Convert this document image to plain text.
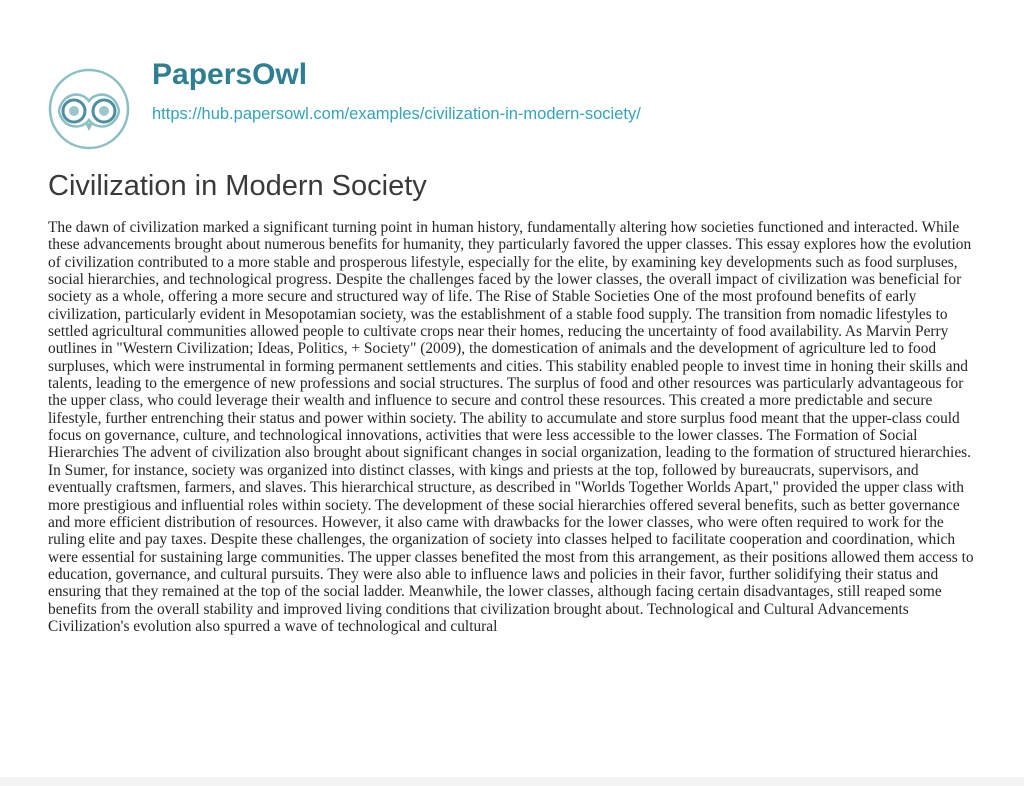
PapersOwl
https://hub.papersowl.com/examples/civilization-in-modern-society/
Civilization in Modern Society

The dawn of civilization marked a significant turning point in human history, fundamentally altering how societies functioned and interacted. While these advancements brought about numerous benefits for humanity, they particularly favored the upper classes. This essay explores how the evolution of civilization contributed to a more stable and prosperous lifestyle, especially for the elite, by examining key developments such as food surpluses, social hierarchies, and technological progress. Despite the challenges faced by the lower classes, the overall impact of civilization was beneficial for society as a whole, offering a more secure and structured way of life. The Rise of Stable Societies One of the most profound benefits of early civilization, particularly evident in Mesopotamian society, was the establishment of a stable food supply. The transition from nomadic lifestyles to settled agricultural communities allowed people to cultivate crops near their homes, reducing the uncertainty of food availability. As Marvin Perry outlines in "Western Civilization; Ideas, Politics, + Society" (2009), the domestication of animals and the development of agriculture led to food surpluses, which were instrumental in forming permanent settlements and cities. This stability enabled people to invest time in honing their skills and talents, leading to the emergence of new professions and social structures. The surplus of food and other resources was particularly advantageous for the upper class, who could leverage their wealth and influence to secure and control these resources. This created a more predictable and secure lifestyle, further entrenching their status and power within society. The ability to accumulate and store surplus food meant that the upper-class could focus on governance, culture, and technological innovations, activities that were less accessible to the lower classes. The Formation of Social Hierarchies The advent of civilization also brought about significant changes in social organization, leading to the formation of structured hierarchies. In Sumer, for instance, society was organized into distinct classes, with kings and priests at the top, followed by bureaucrats, supervisors, and eventually craftsmen, farmers, and slaves. This hierarchical structure, as described in "Worlds Together Worlds Apart," provided the upper class with more prestigious and influential roles within society. The development of these social hierarchies offered several benefits, such as better governance and more efficient distribution of resources. However, it also came with drawbacks for the lower classes, who were often required to work for the ruling elite and pay taxes. Despite these challenges, the organization of society into classes helped to facilitate cooperation and coordination, which were essential for sustaining large communities. The upper classes benefited the most from this arrangement, as their positions allowed them access to education, governance, and cultural pursuits. They were also able to influence laws and policies in their favor, further solidifying their status and ensuring that they remained at the top of the social ladder. Meanwhile, the lower classes, although facing certain disadvantages, still reaped some benefits from the overall stability and improved living conditions that civilization brought about. Technological and Cultural Advancements Civilization's evolution also spurred a wave of technological and cultural
